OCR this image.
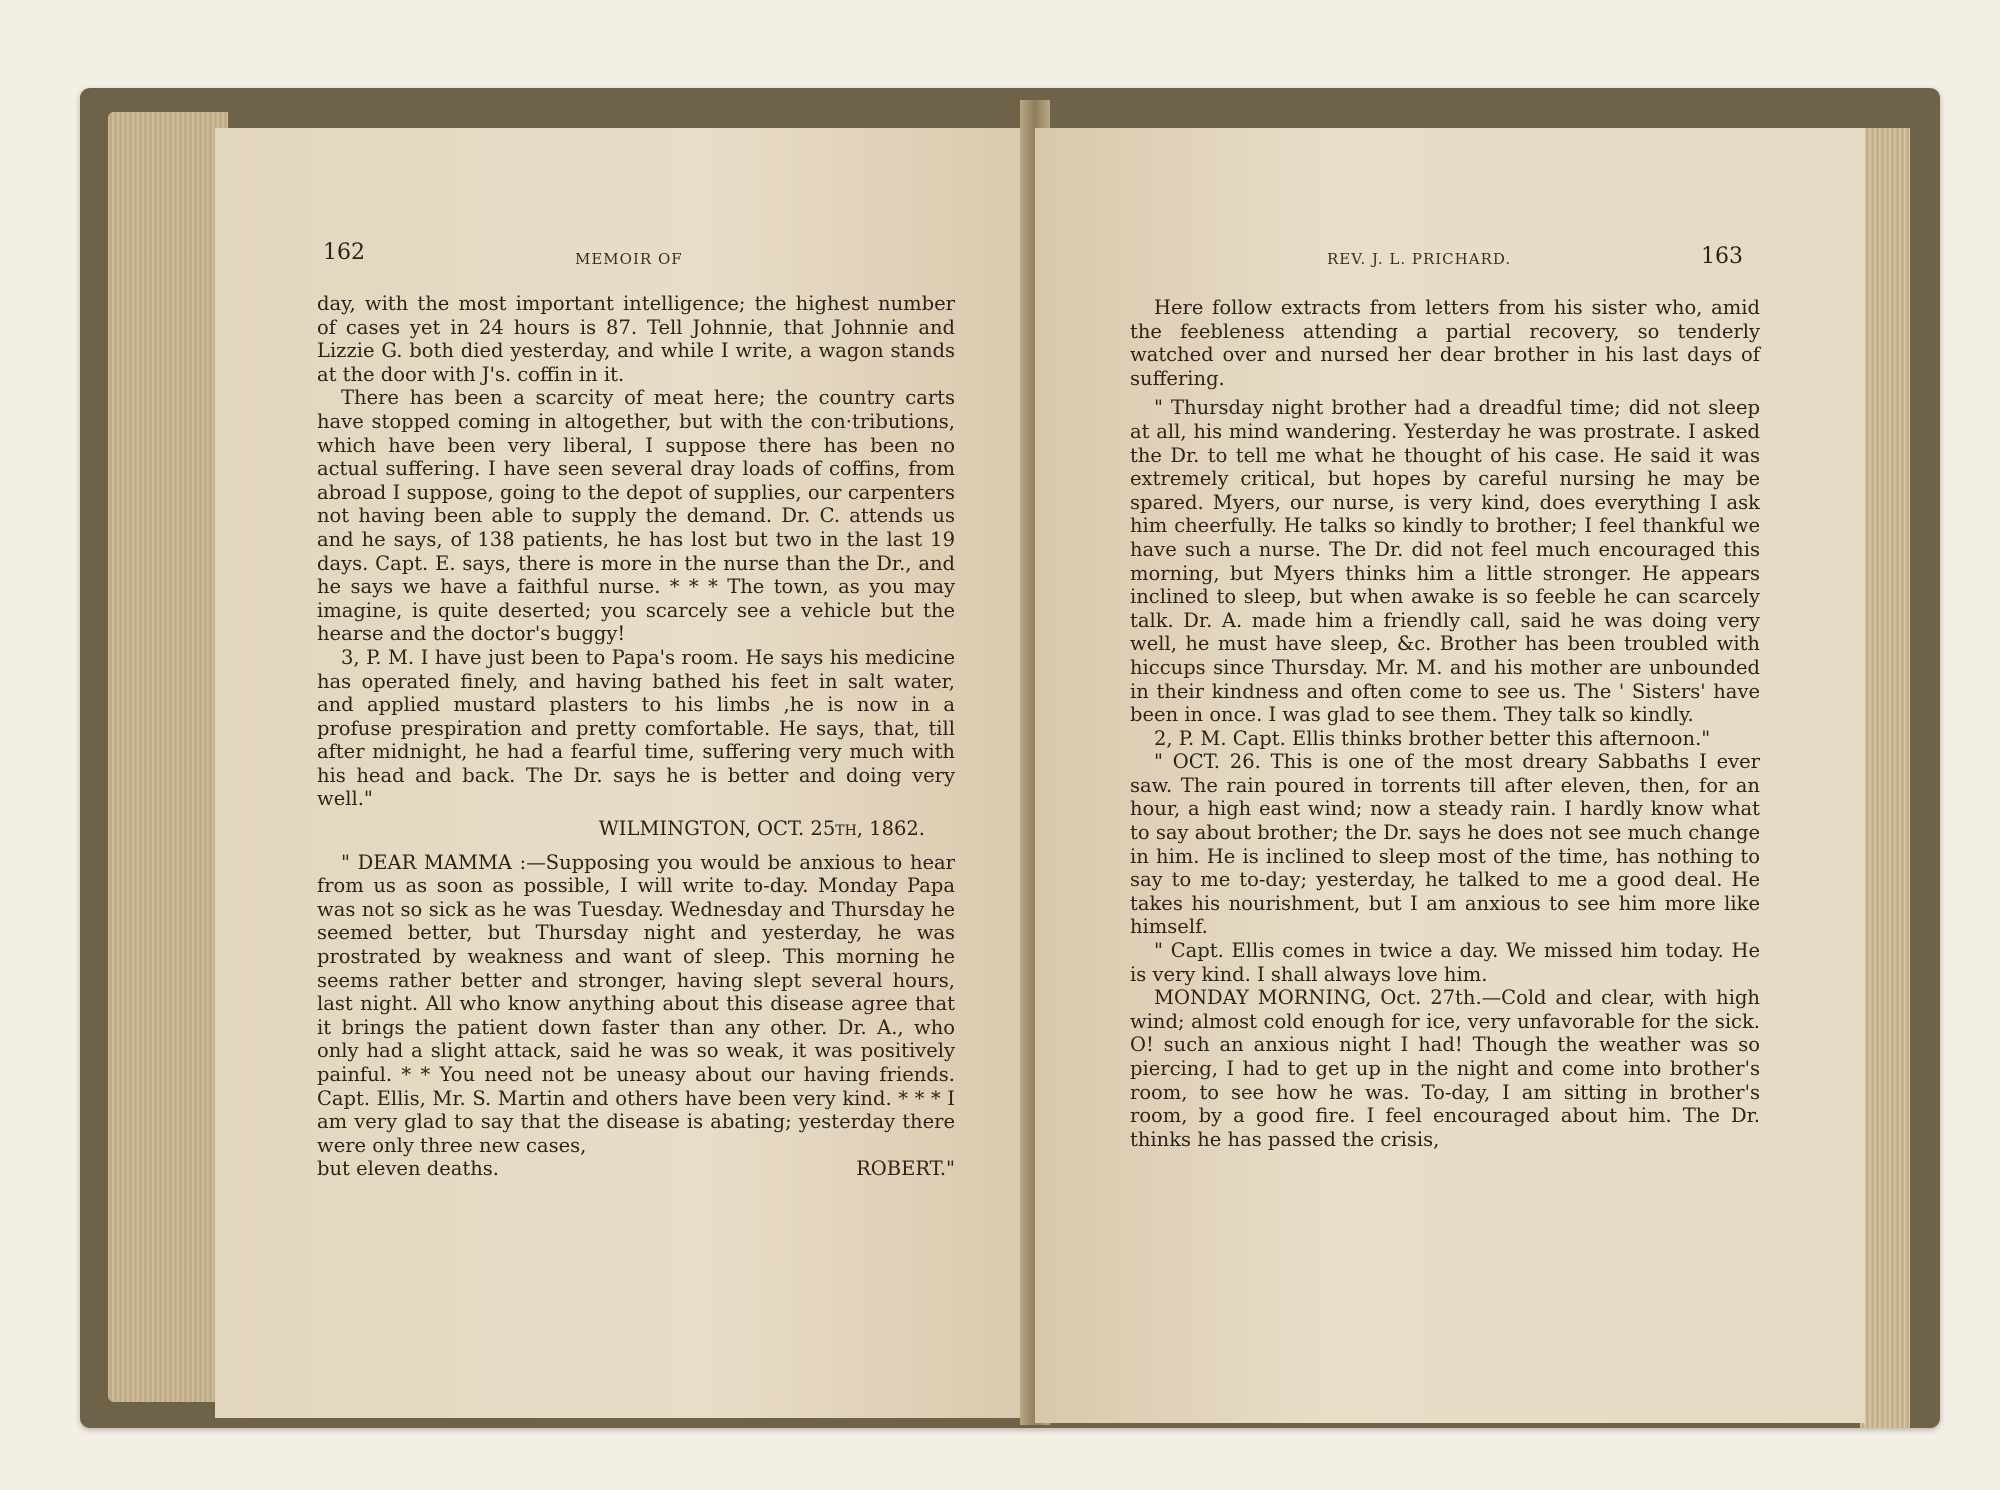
162	MEMOIR OF

day, with the most important intelligence; the highest number of cases yet in 24 hours is 87. Tell Johnnie, that Johnnie and Lizzie G. both died yesterday, and while I write, a wagon stands at the door with J's. coffin in it.

There has been a scarcity of meat here; the country carts have stopped coming in altogether, but with the con·tributions, which have been very liberal, I suppose there has been no actual suffering. I have seen several dray loads of coffins, from abroad I suppose, going to the depot of supplies, our carpenters not having been able to supply the demand. Dr. C. attends us and he says, of 138 patients, he has lost but two in the last 19 days. Capt. E. says, there is more in the nurse than the Dr., and he says we have a faithful nurse. * * * The town, as you may imagine, is quite deserted; you scarcely see a vehicle but the hearse and the doctor's buggy!

3, P. M. I have just been to Papa's room. He says his medicine has operated finely, and having bathed his feet in salt water, and applied mustard plasters to his limbs ,he is now in a profuse prespiration and pretty comfortable. He says, that, till after midnight, he had a fearful time, suffering very much with his head and back. The Dr. says he is better and doing very well."

WILMINGTON, OCT. 25th, 1862.

" DEAR MAMMA :—Supposing you would be anxious to hear from us as soon as possible, I will write to-day. Monday Papa was not so sick as he was Tuesday. Wednesday and Thursday he seemed better, but Thursday night and yesterday, he was prostrated by weakness and want of sleep. This morning he seems rather better and stronger, having slept several hours, last night. All who know anything about this disease agree that it brings the patient down faster than any other. Dr. A., who only had a slight attack, said he was so weak, it was positively painful. * * You need not be uneasy about our having friends. Capt. Ellis, Mr. S. Martin and others have been very kind. * * * I am very glad to say that the disease is abating; yesterday there were only three new cases,

but eleven deaths.	ROBERT."

REV. J. L. PRICHARD.	163

Here follow extracts from letters from his sister who, amid the feebleness attending a partial recovery, so tenderly watched over and nursed her dear brother in his last days of suffering.

" Thursday night brother had a dreadful time; did not sleep at all, his mind wandering. Yesterday he was prostrate. I asked the Dr. to tell me what he thought of his case. He said it was extremely critical, but hopes by careful nursing he may be spared. Myers, our nurse, is very kind, does everything I ask him cheerfully. He talks so kindly to brother; I feel thankful we have such a nurse. The Dr. did not feel much encouraged this morning, but Myers thinks him a little stronger. He appears inclined to sleep, but when awake is so feeble he can scarcely talk. Dr. A. made him a friendly call, said he was doing very well, he must have sleep, &c. Brother has been troubled with hiccups since Thursday. Mr. M. and his mother are unbounded in their kindness and often come to see us. The ' Sisters' have been in once. I was glad to see them. They talk so kindly.

2, P. M. Capt. Ellis thinks brother better this afternoon."

" OCT. 26. This is one of the most dreary Sabbaths I ever saw. The rain poured in torrents till after eleven, then, for an hour, a high east wind; now a steady rain. I hardly know what to say about brother; the Dr. says he does not see much change in him. He is inclined to sleep most of the time, has nothing to say to me to-day; yesterday, he talked to me a good deal. He takes his nourishment, but I am anxious to see him more like himself.

" Capt. Ellis comes in twice a day. We missed him today. He is very kind. I shall always love him.

MONDAY MORNING, Oct. 27th.—Cold and clear, with high wind; almost cold enough for ice, very unfavorable for the sick. O! such an anxious night I had! Though the weather was so piercing, I had to get up in the night and come into brother's room, to see how he was. To-day, I am sitting in brother's room, by a good fire. I feel encouraged about him. The Dr. thinks he has passed the crisis,
